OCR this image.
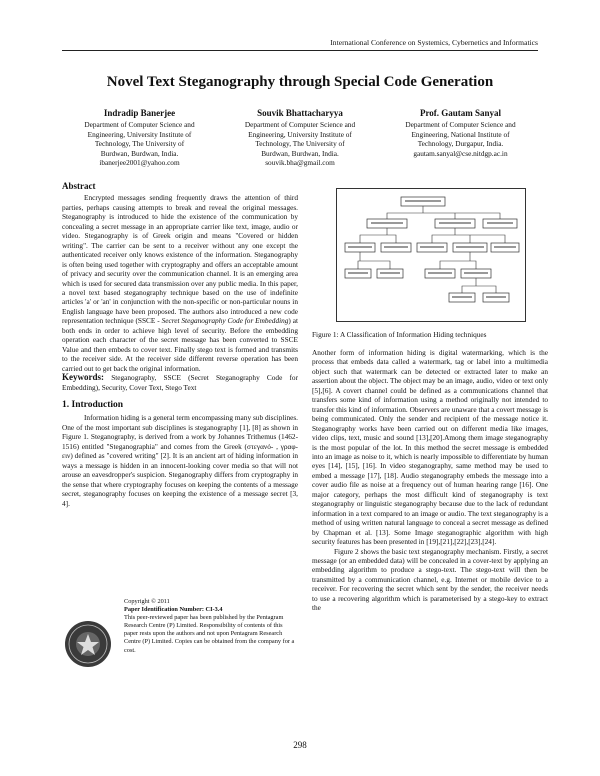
International Conference on Systemics, Cybernetics and Informatics
Novel Text Steganography through Special Code Generation
Indradip Banerjee
Department of Computer Science and
Engineering, University Institute of
Technology, The University of
Burdwan, Burdwan, India.
ibanerjee2001@yahoo.com
Souvik Bhattacharyya
Department of Computer Science and
Engineering, University Institute of
Technology, The University of
Burdwan, Burdwan, India.
souvik.bha@gmail.com
Prof. Gautam Sanyal
Department of Computer Science and
Engineering, National Institute of
Technology, Durgapur, India.
gautam.sanyal@cse.nitdgp.ac.in
Abstract

Encrypted messages sending frequently draws the attention of third parties, perhaps causing attempts to break and reveal the original messages. Steganography is introduced to hide the existence of the communication by concealing a secret message in an appropriate carrier like text, image, audio or video. Steganography is of Greek origin and means "Covered or hidden writing". The carrier can be sent to a receiver without any one except the authenticated receiver only knows existence of the information. Steganography is often being used together with cryptography and offers an acceptable amount of privacy and security over the communication channel. It is an emerging area which is used for secured data transmission over any public media. In this paper, a novel text based steganography technique based on the use of indefinite articles 'a' or 'an' in conjunction with the non-specific or non-particular nouns in English language have been proposed. The authors also introduced a new code representation technique (SSCE - Secret Steganography Code for Embedding) at both ends in order to achieve high level of security. Before the embedding operation each character of the secret message has been converted to SSCE Value and then embeds to cover text. Finally stego text is formed and transmits to the receiver side. At the receiver side different reverse operation has been carried out to get back the original information.

Keywords: Steganography, SSCE (Secret Steganography Code for Embedding), Security, Cover Text, Stego Text

1. Introduction

Information hiding is a general term encompassing many sub disciplines. One of the most important sub disciplines is steganography [1], [8] as shown in Figure 1. Steganography, is derived from a work by Johannes Trithemus (1462-1516) entitled "Steganographia" and comes from the Greek (στεγανό- , γραφ-ειν) defined as "covered writing" [2]. It is an ancient art of hiding information in ways a message is hidden in an innocent-looking cover media so that will not arouse an eavesdropper's suspicion. Steganography differs from cryptography in the sense that where cryptography focuses on keeping the contents of a message secret, steganography focuses on keeping the existence of a message secret [3, 4].

Copyright © 2011
Paper Identification Number: CI-3.4
This peer-reviewed paper has been published by the Pentagram Research Centre (P) Limited. Responsibility of contents of this paper rests upon the authors and not upon Pentagram Research Centre (P) Limited. Copies can be obtained from the company for a cost.
Figure 1: A Classification of Information Hiding techniques

Another form of information hiding is digital watermarking, which is the process that embeds data called a watermark, tag or label into a multimedia object such that watermark can be detected or extracted later to make an assertion about the object. The object may be an image, audio, video or text only [5],[6]. A covert channel could be defined as a communications channel that transfers some kind of information using a method originally not intended to transfer this kind of information. Observers are unaware that a covert message is being communicated. Only the sender and recipient of the message notice it. Steganography works have been carried out on different media like images, video clips, text, music and sound [13],[20].Among them image steganography is the most popular of the lot. In this method the secret message is embedded into an image as noise to it, which is nearly impossible to differentiate by human eyes [14], [15], [16]. In video steganography, same method may be used to embed a message [17], [18]. Audio steganography embeds the message into a cover audio file as noise at a frequency out of human hearing range [16]. One major category, perhaps the most difficult kind of steganography is text steganography or linguistic steganography because due to the lack of redundant information in a text compared to an image or audio. The text steganography is a method of using written natural language to conceal a secret message as defined by Chapman et al. [13]. Some Image steganographic algorithm with high security features has been presented in [19],[21],[22],[23],[24].

Figure 2 shows the basic text steganography mechanism. Firstly, a secret message (or an embedded data) will be concealed in a cover-text by applying an embedding algorithm to produce a stego-text. The stego-text will then be transmitted by a communication channel, e.g. Internet or mobile device to a receiver. For recovering the secret which sent by the sender, the receiver needs to use a recovering algorithm which is parameterised by a stego-key to extract the

298
